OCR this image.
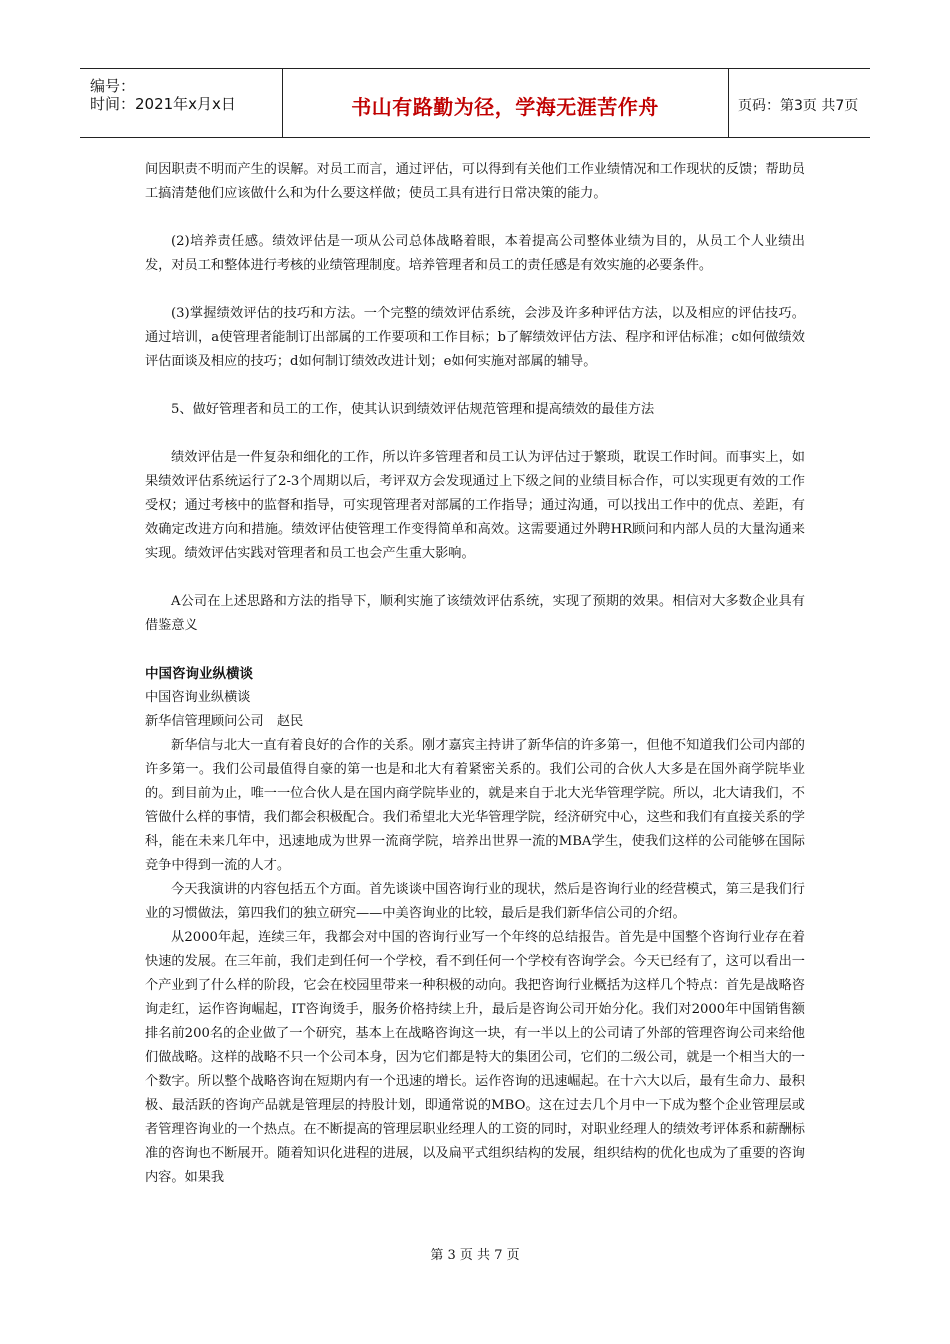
编号：
时间：2021年x月x日	书山有路勤为径，学海无涯苦作舟	页码：第3页 共7页

间因职责不明而产生的误解。对员工而言，通过评估，可以得到有关他们工作业绩情况和工作现状的反馈；帮助员工搞清楚他们应该做什么和为什么要这样做；使员工具有进行日常决策的能力。

(2)培养责任感。绩效评估是一项从公司总体战略着眼，本着提高公司整体业绩为目的，从员工个人业绩出发，对员工和整体进行考核的业绩管理制度。培养管理者和员工的责任感是有效实施的必要条件。

(3)掌握绩效评估的技巧和方法。一个完整的绩效评估系统，会涉及许多种评估方法，以及相应的评估技巧。通过培训，a使管理者能制订出部属的工作要项和工作目标；b了解绩效评估方法、程序和评估标准；c如何做绩效评估面谈及相应的技巧；d如何制订绩效改进计划；e如何实施对部属的辅导。

5、做好管理者和员工的工作，使其认识到绩效评估规范管理和提高绩效的最佳方法

绩效评估是一件复杂和细化的工作，所以许多管理者和员工认为评估过于繁琐，耽误工作时间。而事实上，如果绩效评估系统运行了2-3个周期以后，考评双方会发现通过上下级之间的业绩目标合作，可以实现更有效的工作受权；通过考核中的监督和指导，可实现管理者对部属的工作指导；通过沟通，可以找出工作中的优点、差距，有效确定改进方向和措施。绩效评估使管理工作变得简单和高效。这需要通过外聘HR顾问和内部人员的大量沟通来实现。绩效评估实践对管理者和员工也会产生重大影响。

A公司在上述思路和方法的指导下，顺利实施了该绩效评估系统，实现了预期的效果。相信对大多数企业具有借鉴意义

中国咨询业纵横谈

中国咨询业纵横谈

新华信管理顾问公司　赵民

新华信与北大一直有着良好的合作的关系。刚才嘉宾主持讲了新华信的许多第一，但他不知道我们公司内部的许多第一。我们公司最值得自豪的第一也是和北大有着紧密关系的。我们公司的合伙人大多是在国外商学院毕业的。到目前为止，唯一一位合伙人是在国内商学院毕业的，就是来自于北大光华管理学院。所以，北大请我们，不管做什么样的事情，我们都会积极配合。我们希望北大光华管理学院，经济研究中心，这些和我们有直接关系的学科，能在未来几年中，迅速地成为世界一流商学院，培养出世界一流的MBA学生，使我们这样的公司能够在国际竞争中得到一流的人才。

今天我演讲的内容包括五个方面。首先谈谈中国咨询行业的现状，然后是咨询行业的经营模式，第三是我们行业的习惯做法，第四我们的独立研究——中美咨询业的比较，最后是我们新华信公司的介绍。

从2000年起，连续三年，我都会对中国的咨询行业写一个年终的总结报告。首先是中国整个咨询行业存在着快速的发展。在三年前，我们走到任何一个学校，看不到任何一个学校有咨询学会。今天已经有了，这可以看出一个产业到了什么样的阶段，它会在校园里带来一种积极的动向。我把咨询行业概括为这样几个特点：首先是战略咨询走红，运作咨询崛起，IT咨询烫手，服务价格持续上升，最后是咨询公司开始分化。我们对2000年中国销售额排名前200名的企业做了一个研究，基本上在战略咨询这一块，有一半以上的公司请了外部的管理咨询公司来给他们做战略。这样的战略不只一个公司本身，因为它们都是特大的集团公司，它们的二级公司，就是一个相当大的一个数字。所以整个战略咨询在短期内有一个迅速的增长。运作咨询的迅速崛起。在十六大以后，最有生命力、最积极、最活跃的咨询产品就是管理层的持股计划，即通常说的MBO。这在过去几个月中一下成为整个企业管理层或者管理咨询业的一个热点。在不断提高的管理层职业经理人的工资的同时，对职业经理人的绩效考评体系和薪酬标准的咨询也不断展开。随着知识化进程的进展，以及扁平式组织结构的发展，组织结构的优化也成为了重要的咨询内容。如果我

第 3 页 共 7 页
